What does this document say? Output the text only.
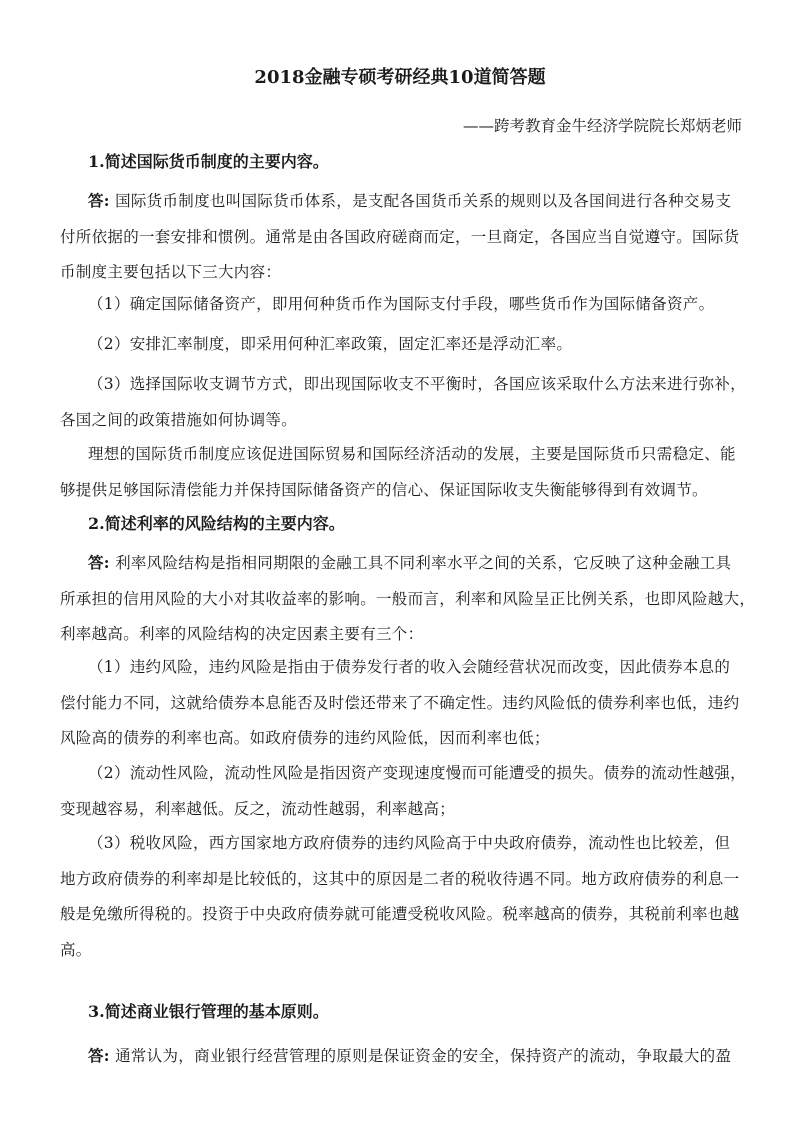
2018金融专硕考研经典10道简答题
——跨考教育金牛经济学院院长郑炳老师
1.简述国际货币制度的主要内容。
答: 国际货币制度也叫国际货币体系，是支配各国货币关系的规则以及各国间进行各种交易支
付所依据的一套安排和惯例。通常是由各国政府磋商而定，一旦商定，各国应当自觉遵守。国际货
币制度主要包括以下三大内容：
（1）确定国际储备资产，即用何种货币作为国际支付手段，哪些货币作为国际储备资产。
（2）安排汇率制度，即采用何种汇率政策，固定汇率还是浮动汇率。
（3）选择国际收支调节方式，即出现国际收支不平衡时，各国应该采取什么方法来进行弥补，
各国之间的政策措施如何协调等。
理想的国际货币制度应该促进国际贸易和国际经济活动的发展，主要是国际货币只需稳定、能
够提供足够国际清偿能力并保持国际储备资产的信心、保证国际收支失衡能够得到有效调节。
2.简述利率的风险结构的主要内容。
答: 利率风险结构是指相同期限的金融工具不同利率水平之间的关系，它反映了这种金融工具
所承担的信用风险的大小对其收益率的影响。一般而言，利率和风险呈正比例关系，也即风险越大，
利率越高。利率的风险结构的决定因素主要有三个：
（1）违约风险，违约风险是指由于债券发行者的收入会随经营状况而改变，因此债券本息的
偿付能力不同，这就给债券本息能否及时偿还带来了不确定性。违约风险低的债券利率也低，违约
风险高的债券的利率也高。如政府债券的违约风险低，因而利率也低；
（2）流动性风险，流动性风险是指因资产变现速度慢而可能遭受的损失。债券的流动性越强，
变现越容易，利率越低。反之，流动性越弱，利率越高；
（3）税收风险，西方国家地方政府债券的违约风险高于中央政府债券，流动性也比较差，但
地方政府债券的利率却是比较低的，这其中的原因是二者的税收待遇不同。地方政府债券的利息一
般是免缴所得税的。投资于中央政府债券就可能遭受税收风险。税率越高的债券，其税前利率也越
高。
3.简述商业银行管理的基本原则。
答: 通常认为，商业银行经营管理的原则是保证资金的安全，保持资产的流动，争取最大的盈
